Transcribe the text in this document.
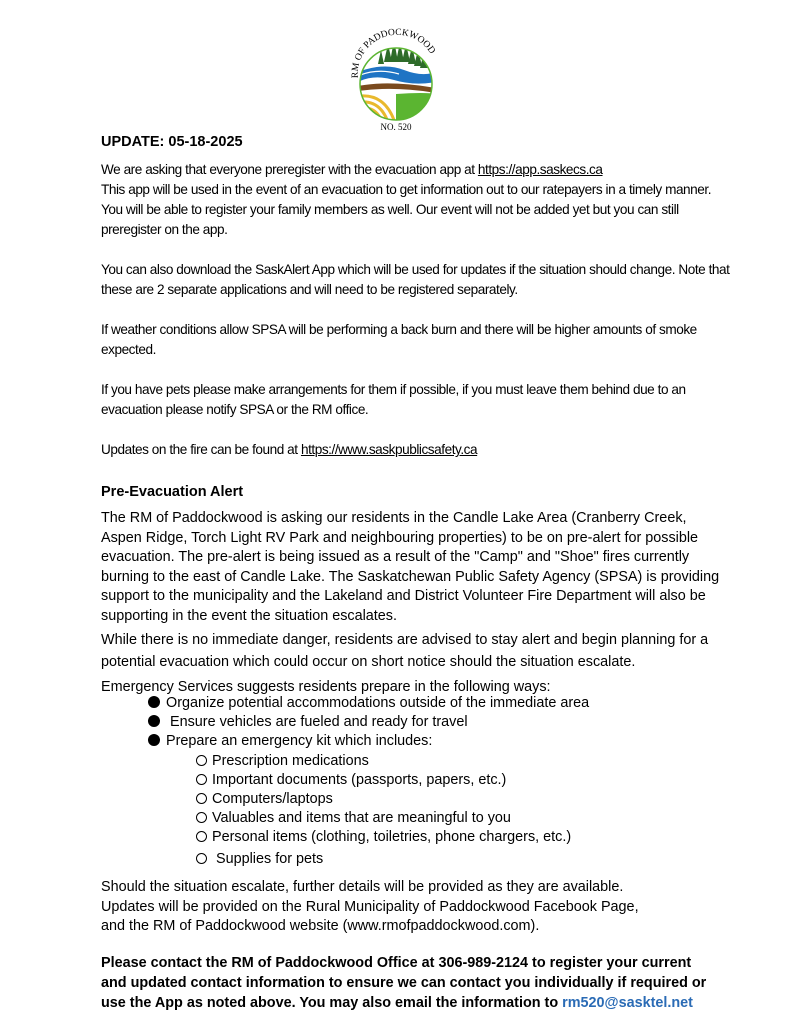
RM OF PADDOCKWOOD
NO. 520
UPDATE: 05-18-2025
We are asking that everyone preregister with the evacuation app at https://app.saskecs.ca
This app will be used in the event of an evacuation to get information out to our ratepayers in a timely manner.
You will be able to register your family members as well. Our event will not be added yet but you can still
preregister on the app.
You can also download the SaskAlert App which will be used for updates if the situation should change. Note that
these are 2 separate applications and will need to be registered separately.
If weather conditions allow SPSA will be performing a back burn and there will be higher amounts of smoke
expected.
If you have pets please make arrangements for them if possible, if you must leave them behind due to an
evacuation please notify SPSA or the RM office.
Updates on the fire can be found at https://www.saskpublicsafety.ca
Pre-Evacuation Alert
The RM of Paddockwood is asking our residents in the Candle Lake Area (Cranberry Creek,
Aspen Ridge, Torch Light RV Park and neighbouring properties) to be on pre-alert for possible
evacuation. The pre-alert is being issued as a result of the "Camp" and "Shoe" fires currently
burning to the east of Candle Lake. The Saskatchewan Public Safety Agency (SPSA) is providing
support to the municipality and the Lakeland and District Volunteer Fire Department will also be
supporting in the event the situation escalates.
While there is no immediate danger, residents are advised to stay alert and begin planning for a
potential evacuation which could occur on short notice should the situation escalate.
Emergency Services suggests residents prepare in the following ways:
Organize potential accommodations outside of the immediate area
Ensure vehicles are fueled and ready for travel
Prepare an emergency kit which includes:
Prescription medications
Important documents (passports, papers, etc.)
Computers/laptops
Valuables and items that are meaningful to you
Personal items (clothing, toiletries, phone chargers, etc.)
Supplies for pets
Should the situation escalate, further details will be provided as they are available.
Updates will be provided on the Rural Municipality of Paddockwood Facebook Page,
and the RM of Paddockwood website (www.rmofpaddockwood.com).
Please contact the RM of Paddockwood Office at 306-989-2124 to register your current
and updated contact information to ensure we can contact you individually if required or
use the App as noted above. You may also email the information to rm520@sasktel.net
